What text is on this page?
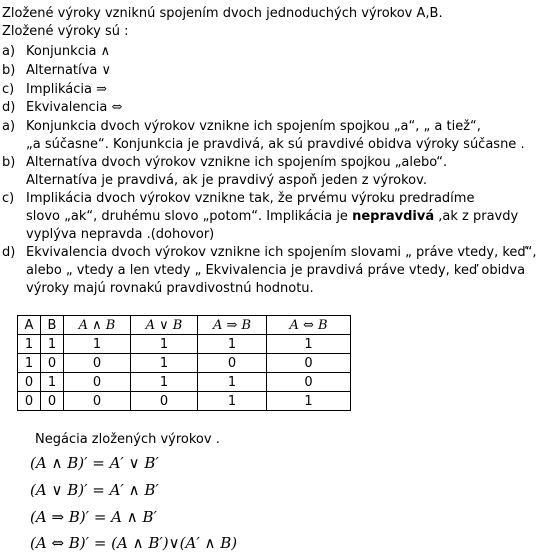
Zložené výroky vzniknú spojením dvoch jednoduchých výrokov A,B.
Zložené výroky sú :
a) Konjunkcia ∧
b) Alternatíva ∨
c) Implikácia ⇒
d) Ekvivalencia ⇔
a) Konjunkcia dvoch výrokov vznikne ich spojením spojkou „a“, „ a tiež“,
„a súčasne“. Konjunkcia je pravdivá, ak sú pravdivé obidva výroky súčasne .
b) Alternatíva dvoch výrokov vznikne ich spojením spojkou „alebo“.
Alternatíva je pravdivá, ak je pravdivý aspoň jeden z výrokov.
c) Implikácia dvoch výrokov vznikne tak, že prvému výroku predradíme
slovo „ak“, druhému slovo „potom“. Implikácia je nepravdivá ,ak z pravdy
vyplýva nepravda .(dohovor)
d) Ekvivalencia dvoch výrokov vznikne ich spojením slovami „ práve vtedy, keď“,
alebo „ vtedy a len vtedy „ Ekvivalencia je pravdivá práve vtedy, keď obidva
výroky majú rovnakú pravdivostnú hodnotu.
A	B	A ∧ B	A ∨ B	A ⇒ B	A ⇔ B
1	1	1	1	1	1
1	0	0	1	0	0
0	1	0	1	1	0
0	0	0	0	1	1
Negácia zložených výrokov .
(A ∧ B)′ = A′ ∨ B′
(A ∨ B)′ = A′ ∧ B′
(A ⇒ B)′ = A ∧ B′
(A ⇔ B)′ = (A ∧ B′)∨(A′ ∧ B)
